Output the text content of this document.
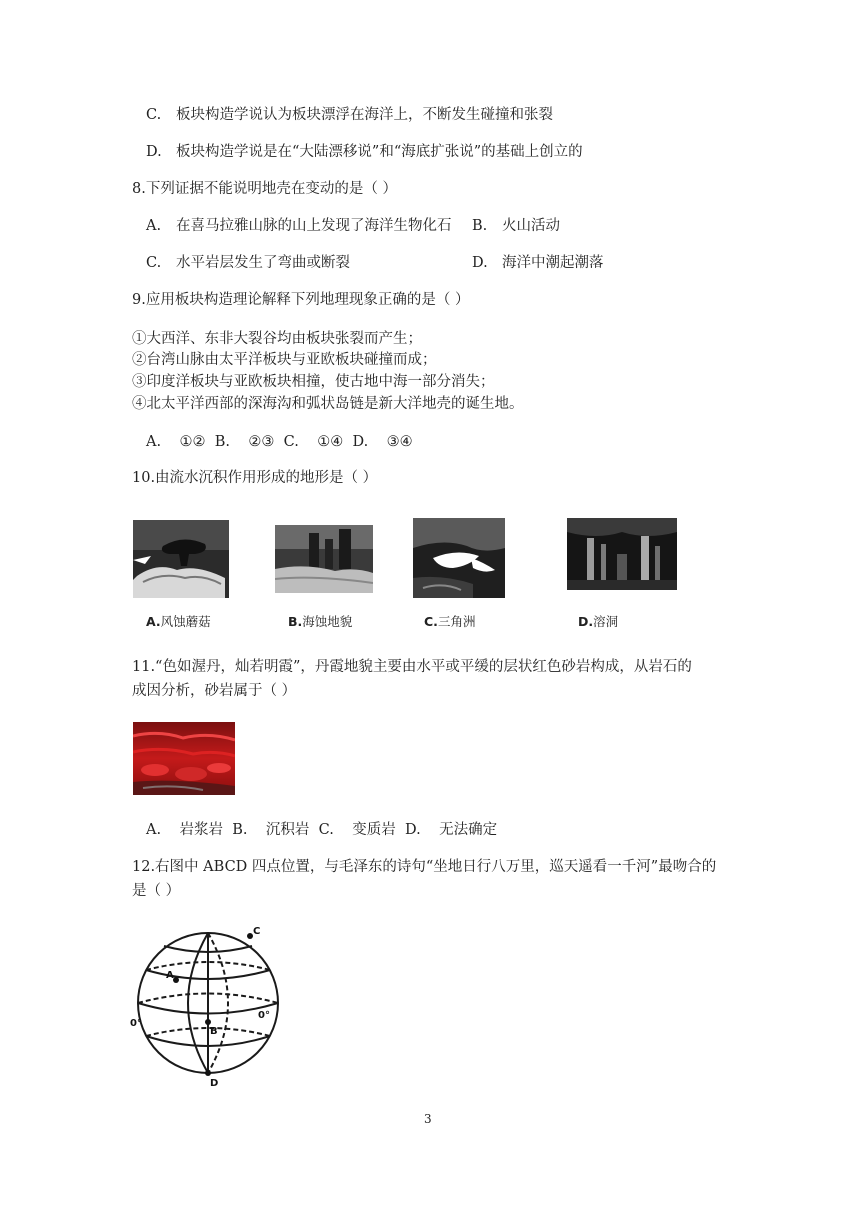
C. 板块构造学说认为板块漂浮在海洋上，不断发生碰撞和张裂
D. 板块构造学说是在“大陆漂移说”和“海底扩张说”的基础上创立的
8.下列证据不能说明地壳在变动的是（ ）
A. 在喜马拉雅山脉的山上发现了海洋生物化石 B. 火山活动
C. 水平岩层发生了弯曲或断裂	D. 海洋中潮起潮落
9.应用板块构造理论解释下列地理现象正确的是（ ）
①大西洋、东非大裂谷均由板块张裂而产生；
②台湾山脉由太平洋板块与亚欧板块碰撞而成；
③印度洋板块与亚欧板块相撞，使古地中海一部分消失；
④北太平洋西部的深海沟和弧状岛链是新大洋地壳的诞生地。
A.    ①②  B.    ②③  C.    ①④  D.    ③④
10.由流水沉积作用形成的地形是（ ）
A.风蚀蘑菇	B.海蚀地貌	C.三角洲	D.溶洞
11.“色如渥丹，灿若明霞”，丹霞地貌主要由水平或平缓的层状红色砂岩构成，从岩石的
成因分析，砂岩属于（ ）
A.    岩浆岩  B.    沉积岩  C.    变质岩  D.    无法确定
12.右图中 ABCD 四点位置，与毛泽东的诗句“坐地日行八万里，巡天遥看一千河”最吻合的
是（ ）
C
A
B
D
0°
0°
3
